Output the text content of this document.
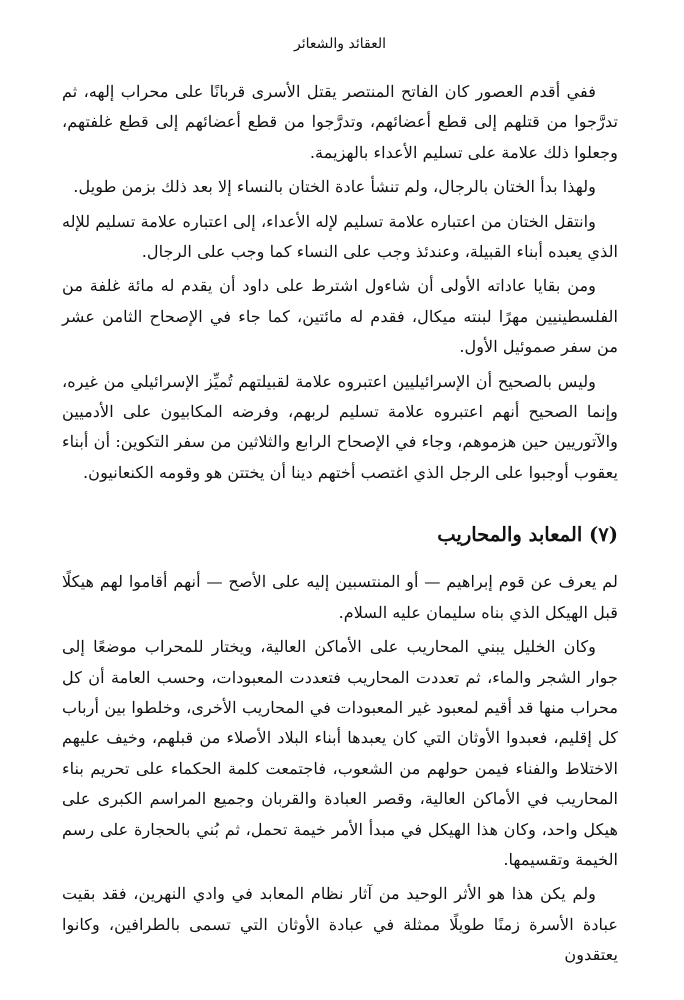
العقائد والشعائر

ففي أقدم العصور كان الفاتح المنتصر يقتل الأسرى قربانًا على محراب إلهه، ثم تدرَّجوا من قتلهم إلى قطع أعضائهم، وتدرَّجوا من قطع أعضائهم إلى قطع غلفتهم، وجعلوا ذلك علامة على تسليم الأعداء بالهزيمة.

ولهذا بدأ الختان بالرجال، ولم تنشأ عادة الختان بالنساء إلا بعد ذلك بزمن طويل.

وانتقل الختان من اعتباره علامة تسليم لإله الأعداء، إلى اعتباره علامة تسليم للإله الذي يعبده أبناء القبيلة، وعندئذ وجب على النساء كما وجب على الرجال.

ومن بقايا عاداته الأولى أن شاءول اشترط على داود أن يقدم له مائة غلفة من الفلسطينيين مهرًا لبنته ميكال، فقدم له مائتين، كما جاء في الإصحاح الثامن عشر من سفر صموئيل الأول.

وليس بالصحيح أن الإسرائيليين اعتبروه علامة لقبيلتهم تُميِّز الإسرائيلي من غيره، وإنما الصحيح أنهم اعتبروه علامة تسليم لربهم، وفرضه المكابيون على الأدميين والآتوريين حين هزموهم، وجاء في الإصحاح الرابع والثلاثين من سفر التكوين: أن أبناء يعقوب أوجبوا على الرجل الذي اغتصب أختهم دينا أن يختتن هو وقومه الكنعانيون.

(٧) المعابد والمحاريب

لم يعرف عن قوم إبراهيم — أو المنتسبين إليه على الأصح — أنهم أقاموا لهم هيكلًا قبل الهيكل الذي بناه سليمان عليه السلام.

وكان الخليل يبني المحاريب على الأماكن العالية، ويختار للمحراب موضعًا إلى جوار الشجر والماء، ثم تعددت المحاريب فتعددت المعبودات، وحسب العامة أن كل محراب منها قد أقيم لمعبود غير المعبودات في المحاريب الأخرى، وخلطوا بين أرباب كل إقليم، فعبدوا الأوثان التي كان يعبدها أبناء البلاد الأصلاء من قبلهم، وخيف عليهم الاختلاط والفناء فيمن حولهم من الشعوب، فاجتمعت كلمة الحكماء على تحريم بناء المحاريب في الأماكن العالية، وقصر العبادة والقربان وجميع المراسم الكبرى على هيكل واحد، وكان هذا الهيكل في مبدأ الأمر خيمة تحمل، ثم بُني بالحجارة على رسم الخيمة وتقسيمها.

ولم يكن هذا هو الأثر الوحيد من آثار نظام المعابد في وادي النهرين، فقد بقيت عبادة الأسرة زمنًا طويلًا ممثلة في عبادة الأوثان التي تسمى بالطرافين، وكانوا يعتقدون
